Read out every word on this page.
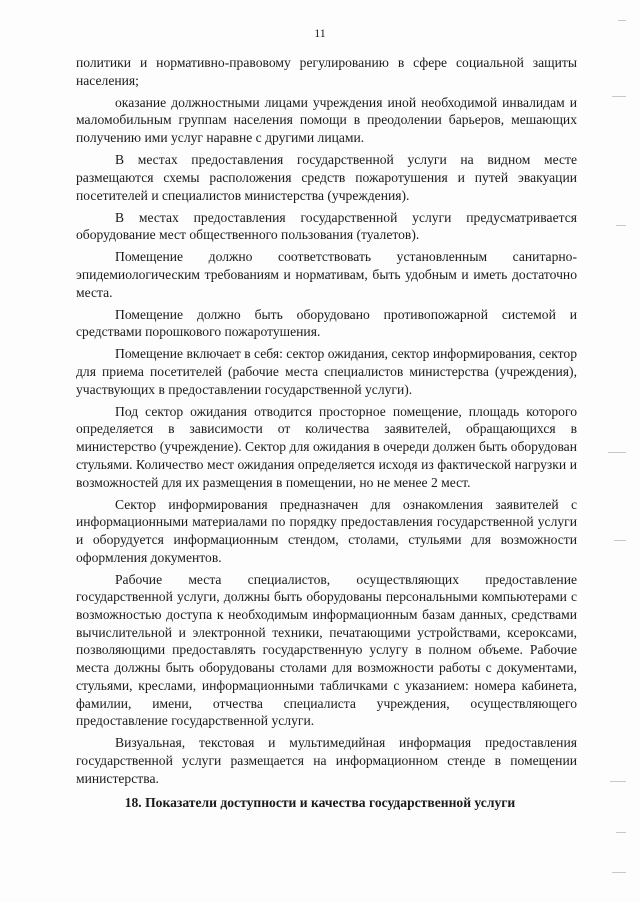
11

политики и нормативно-правовому регулированию в сфере социальной защиты населения;

оказание должностными лицами учреждения иной необходимой инвалидам и маломобильным группам населения помощи в преодолении барьеров, мешающих получению ими услуг наравне с другими лицами.

В местах предоставления государственной услуги на видном месте размещаются схемы расположения средств пожаротушения и путей эвакуации посетителей и специалистов министерства (учреждения).

В местах предоставления государственной услуги предусматривается оборудование мест общественного пользования (туалетов).

Помещение должно соответствовать установленным санитарно-эпидемиологическим требованиям и нормативам, быть удобным и иметь достаточно места.

Помещение должно быть оборудовано противопожарной системой и средствами порошкового пожаротушения.

Помещение включает в себя: сектор ожидания, сектор информирования, сектор для приема посетителей (рабочие места специалистов министерства (учреждения), участвующих в предоставлении государственной услуги).

Под сектор ожидания отводится просторное помещение, площадь которого определяется в зависимости от количества заявителей, обращающихся в министерство (учреждение). Сектор для ожидания в очереди должен быть оборудован стульями. Количество мест ожидания определяется исходя из фактической нагрузки и возможностей для их размещения в помещении, но не менее 2 мест.

Сектор информирования предназначен для ознакомления заявителей с информационными материалами по порядку предоставления государственной услуги и оборудуется информационным стендом, столами, стульями для возможности оформления документов.

Рабочие места специалистов, осуществляющих предоставление государственной услуги, должны быть оборудованы персональными компьютерами с возможностью доступа к необходимым информационным базам данных, средствами вычислительной и электронной техники, печатающими устройствами, ксероксами, позволяющими предоставлять государственную услугу в полном объеме. Рабочие места должны быть оборудованы столами для возможности работы с документами, стульями, креслами, информационными табличками с указанием: номера кабинета, фамилии, имени, отчества специалиста учреждения, осуществляющего предоставление государственной услуги.

Визуальная, текстовая и мультимедийная информация предоставления государственной услуги размещается на информационном стенде в помещении министерства.

18. Показатели доступности и качества государственной услуги
